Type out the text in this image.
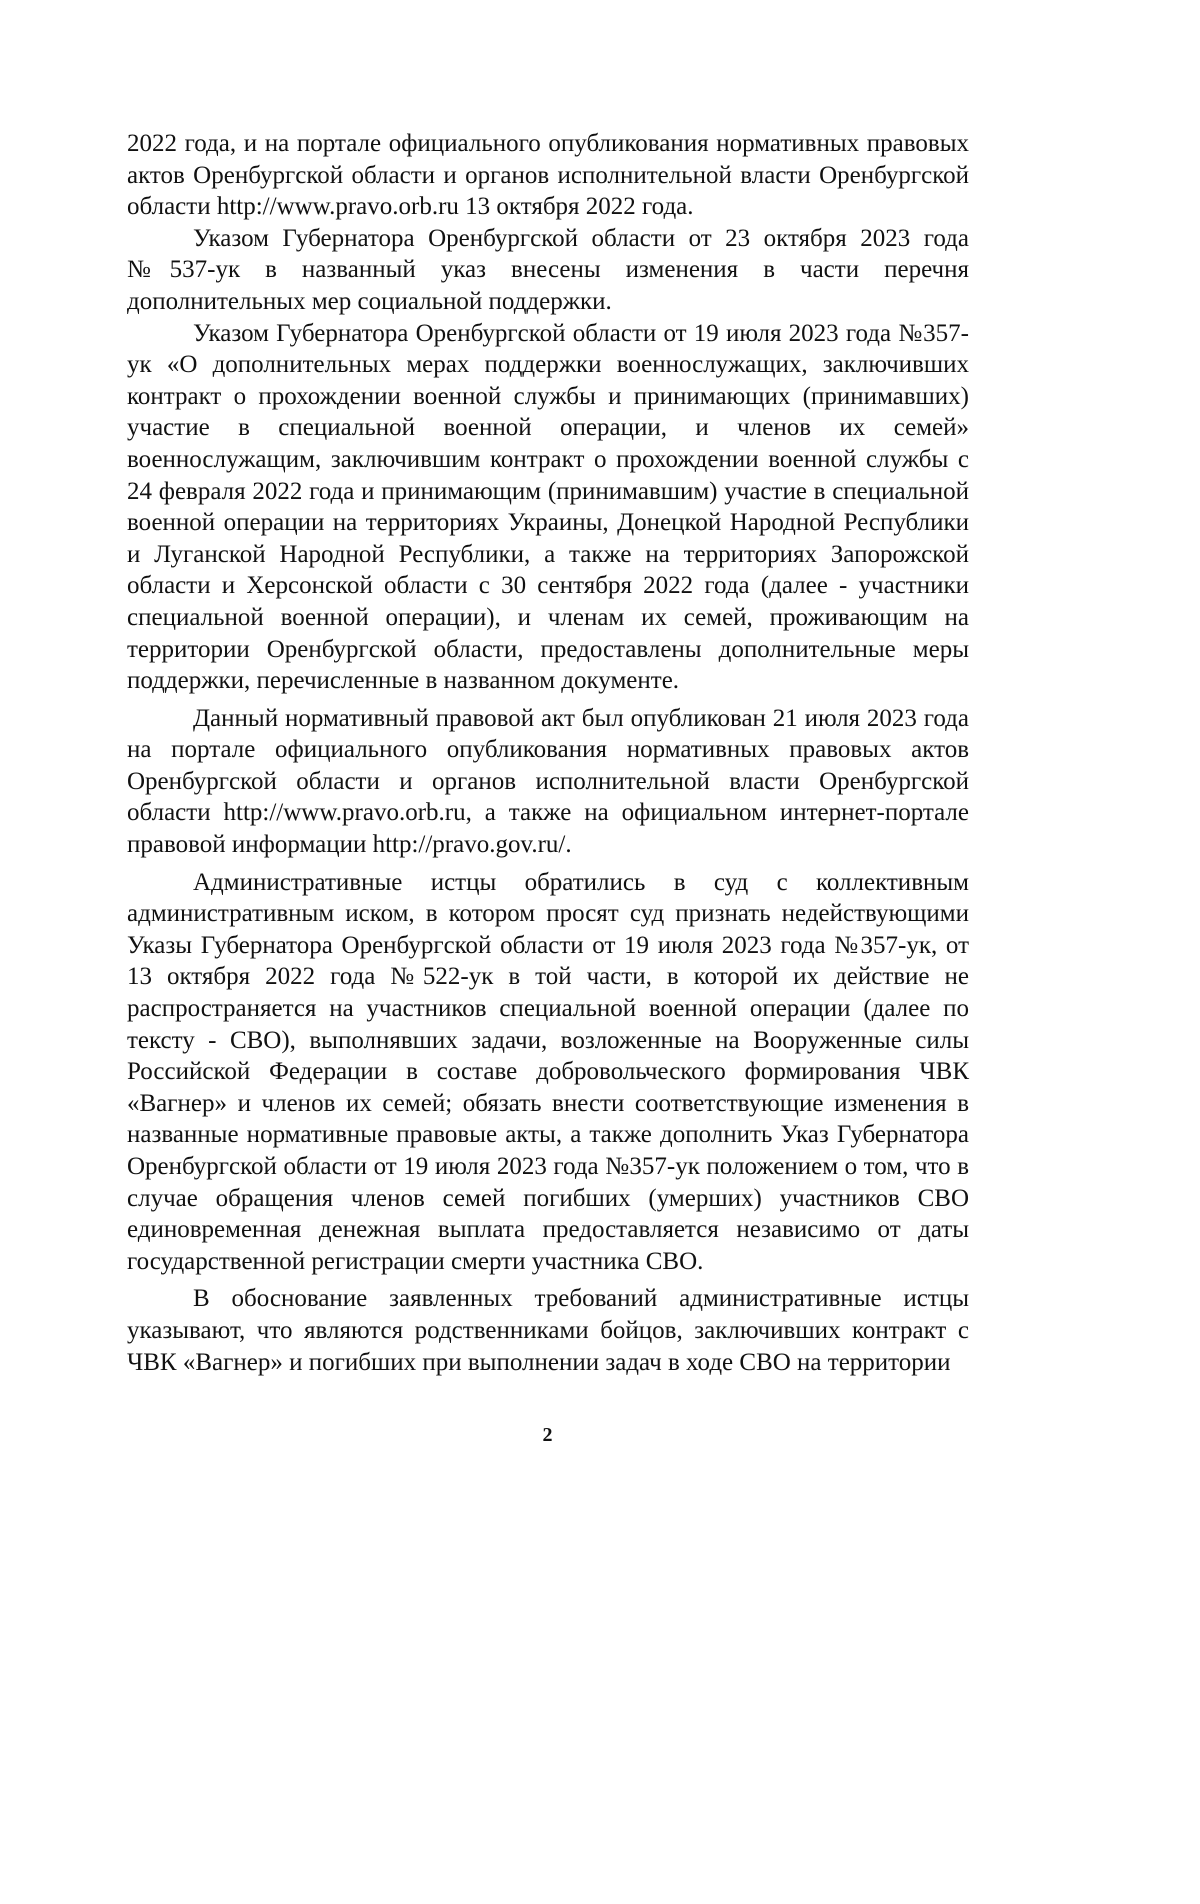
2022 года, и на портале официального опубликования нормативных правовых актов Оренбургской области и органов исполнительной власти Оренбургской области http://www.pravo.orb.ru 13 октября 2022 года.

Указом Губернатора Оренбургской области от 23 октября 2023 года №537-ук в названный указ внесены изменения в части перечня дополнительных мер социальной поддержки.

Указом Губернатора Оренбургской области от 19 июля 2023 года №357-ук «О дополнительных мерах поддержки военнослужащих, заключивших контракт о прохождении военной службы и принимающих (принимавших) участие в специальной военной операции, и членов их семей» военнослужащим, заключившим контракт о прохождении военной службы с 24 февраля 2022 года и принимающим (принимавшим) участие в специальной военной операции на территориях Украины, Донецкой Народной Республики и Луганской Народной Республики, а также на территориях Запорожской области и Херсонской области с 30 сентября 2022 года (далее - участники специальной военной операции), и членам их семей, проживающим на территории Оренбургской области, предоставлены дополнительные меры поддержки, перечисленные в названном документе.

Данный нормативный правовой акт был опубликован 21 июля 2023 года на портале официального опубликования нормативных правовых актов Оренбургской области и органов исполнительной власти Оренбургской области http://www.pravo.orb.ru, а также на официальном интернет-портале правовой информации http://pravo.gov.ru/.

Административные истцы обратились в суд с коллективным административным иском, в котором просят суд признать недействующими Указы Губернатора Оренбургской области от 19 июля 2023 года №357-ук, от 13 октября 2022 года №522-ук в той части, в которой их действие не распространяется на участников специальной военной операции (далее по тексту - СВО), выполнявших задачи, возложенные на Вооруженные силы Российской Федерации в составе добровольческого формирования ЧВК «Вагнер» и членов их семей; обязать внести соответствующие изменения в названные нормативные правовые акты, а также дополнить Указ Губернатора Оренбургской области от 19 июля 2023 года №357-ук положением о том, что в случае обращения членов семей погибших (умерших) участников СВО единовременная денежная выплата предоставляется независимо от даты государственной регистрации смерти участника СВО.

В обоснование заявленных требований административные истцы указывают, что являются родственниками бойцов, заключивших контракт с ЧВК «Вагнер» и погибших при выполнении задач в ходе СВО на территории

2
